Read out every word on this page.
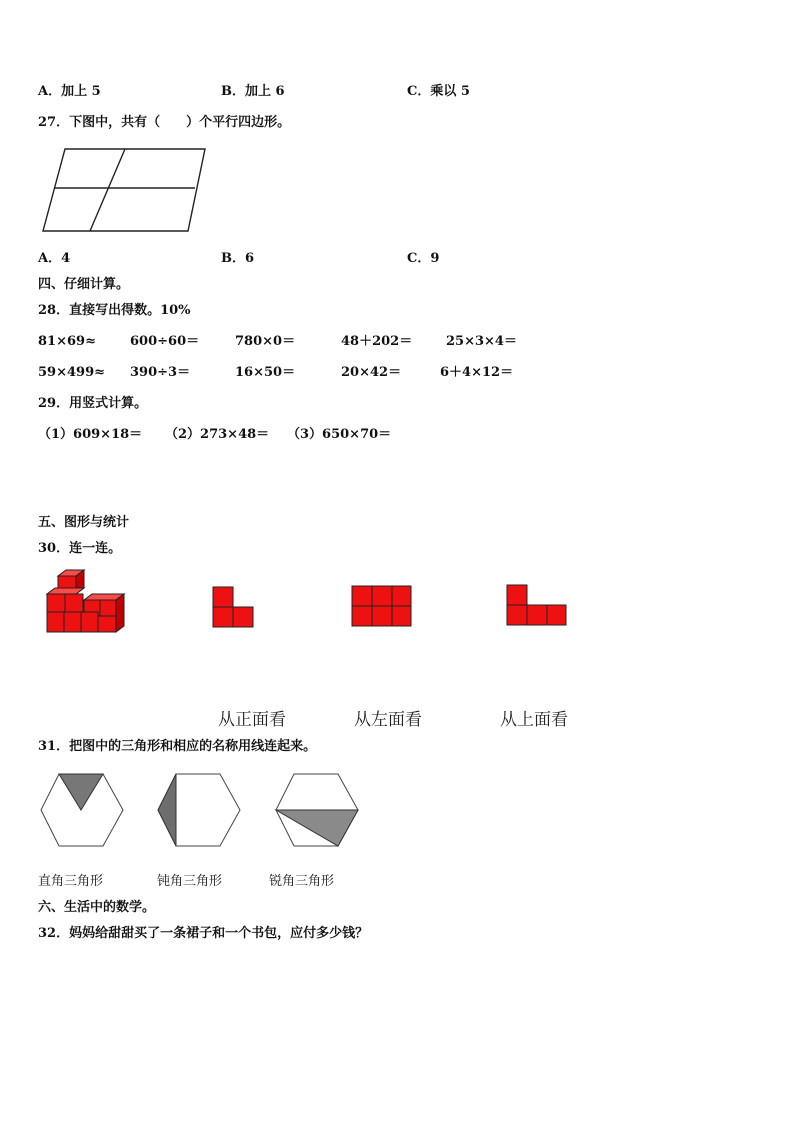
A．加上 5	B．加上 6	C．乘以 5
27．下图中，共有（　　）个平行四边形。
A．4	B．6	C．9
四、仔细计算。
28．直接写出得数。10%
81×69≈	600÷60＝	780×0＝	48＋202＝	25×3×4＝
59×499≈ 390÷3＝	16×50＝	20×42＝	6＋4×12＝
29．用竖式计算。
（1）609×18＝ （2）273×48＝ （3）650×70＝
五、图形与统计
30．连一连。
从正面看	从左面看	从上面看
31．把图中的三角形和相应的名称用线连起来。
直角三角形	钝角三角形	锐角三角形
六、生活中的数学。
32．妈妈给甜甜买了一条裙子和一个书包，应付多少钱？
